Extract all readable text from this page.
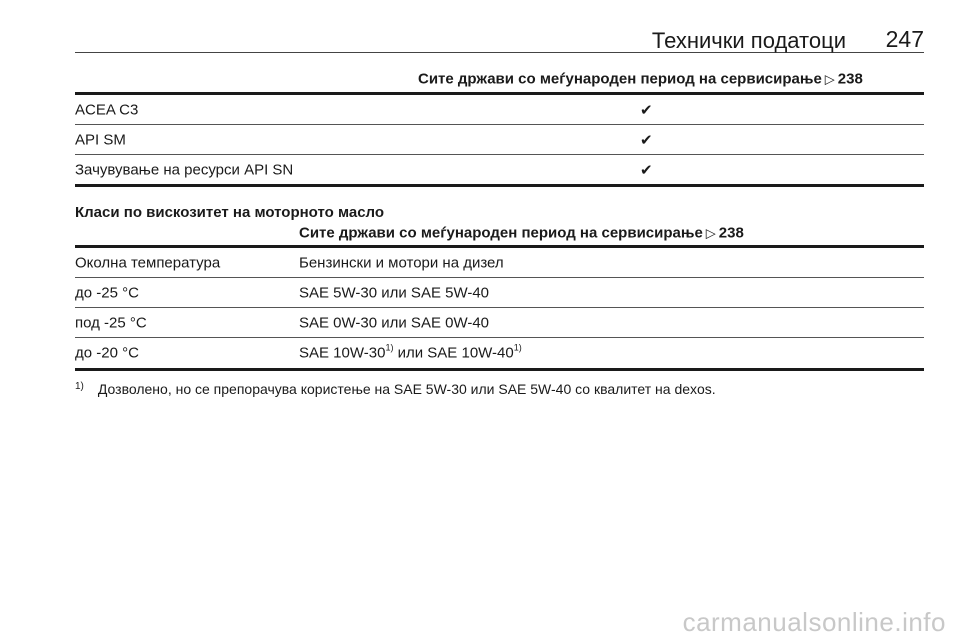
Технички податоци 247
Сите држави со меѓународен период на сервисирање ▷ 238
ACEA C3	✔
API SM	✔
Зачувување на ресурси API SN	✔
Класи по вискозитет на моторното масло
Сите држави со меѓународен период на сервисирање ▷ 238
Околна температура	Бензински и мотори на дизел
до -25 °C	SAE 5W-30 или SAE 5W-40
под -25 °C	SAE 0W-30 или SAE 0W-40
до -20 °C	SAE 10W-30$^{1)}$ или SAE 10W-40$^{1)}$
$^{1)}$ Дозволено, но се препорачува користење на SAE 5W-30 или SAE 5W-40 со квалитет на dexos.
carmanualsonline.info
